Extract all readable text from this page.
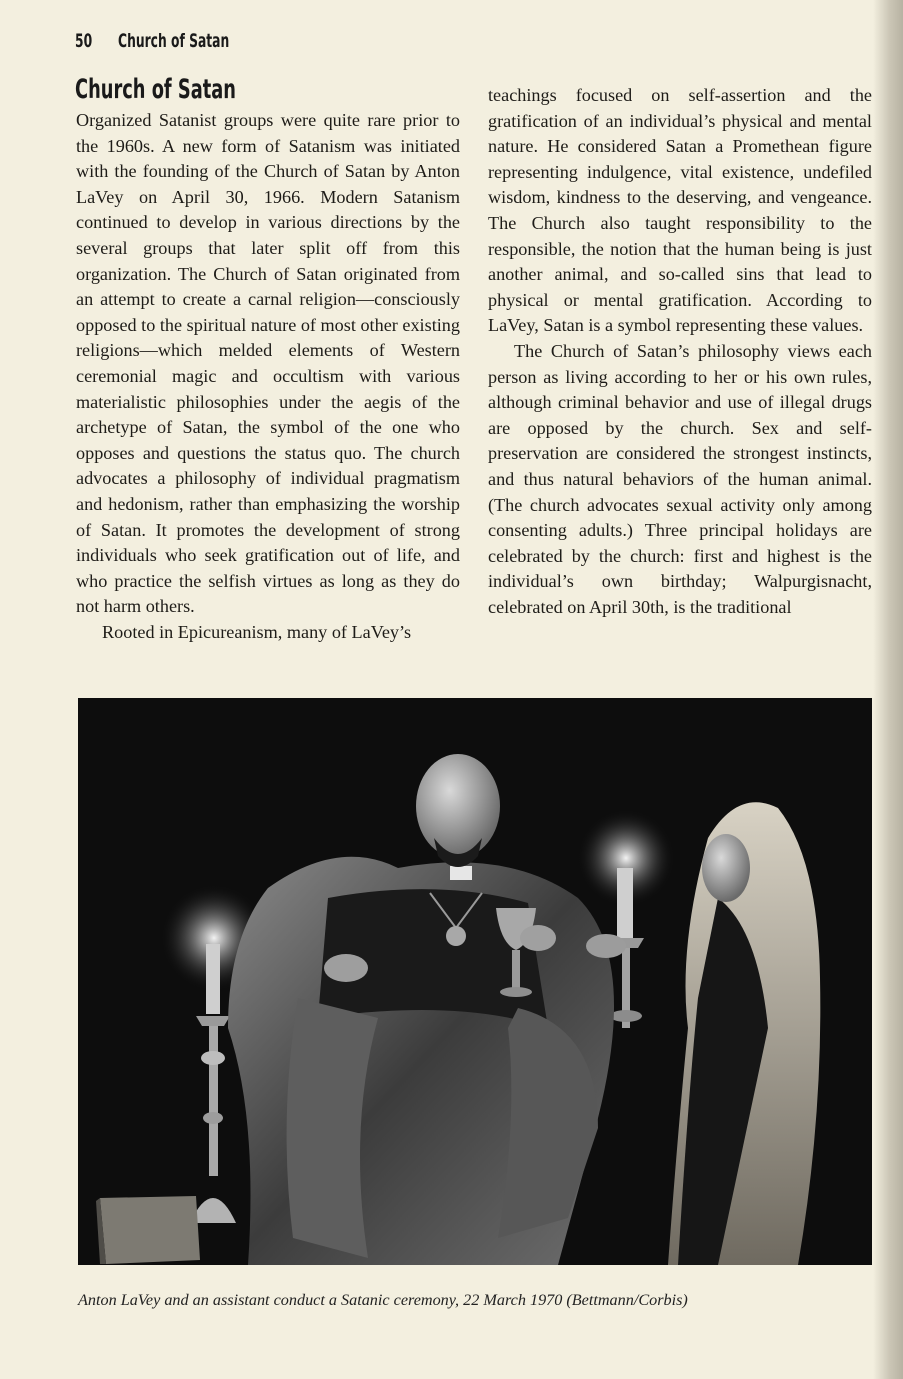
50 Church of Satan
Church of Satan

Organized Satanist groups were quite rare prior to the 1960s. A new form of Satanism was initiated with the founding of the Church of Satan by Anton LaVey on April 30, 1966. Modern Satanism continued to develop in various directions by the several groups that later split off from this organization. The Church of Satan originated from an attempt to create a carnal religion—consciously opposed to the spiritual nature of most other existing religions—which melded elements of Western ceremonial magic and occultism with various materialistic philosophies under the aegis of the archetype of Satan, the symbol of the one who opposes and questions the status quo. The church advocates a philosophy of individual pragmatism and hedonism, rather than emphasizing the worship of Satan. It promotes the development of strong individuals who seek gratification out of life, and who practice the selfish virtues as long as they do not harm others.

Rooted in Epicureanism, many of LaVey’s

teachings focused on self-assertion and the gratification of an individual’s physical and mental nature. He considered Satan a Promethean figure representing indulgence, vital existence, undefiled wisdom, kindness to the deserving, and vengeance. The Church also taught responsibility to the responsible, the notion that the human being is just another animal, and so-called sins that lead to physical or mental gratification. According to LaVey, Satan is a symbol representing these values.

The Church of Satan’s philosophy views each person as living according to her or his own rules, although criminal behavior and use of illegal drugs are opposed by the church. Sex and self-preservation are considered the strongest instincts, and thus natural behaviors of the human animal. (The church advocates sexual activity only among consenting adults.) Three principal holidays are celebrated by the church: first and highest is the individual’s own birthday; Walpurgisnacht, celebrated on April 30th, is the traditional

Anton LaVey and an assistant conduct a Satanic ceremony, 22 March 1970 (Bettmann/Corbis)
